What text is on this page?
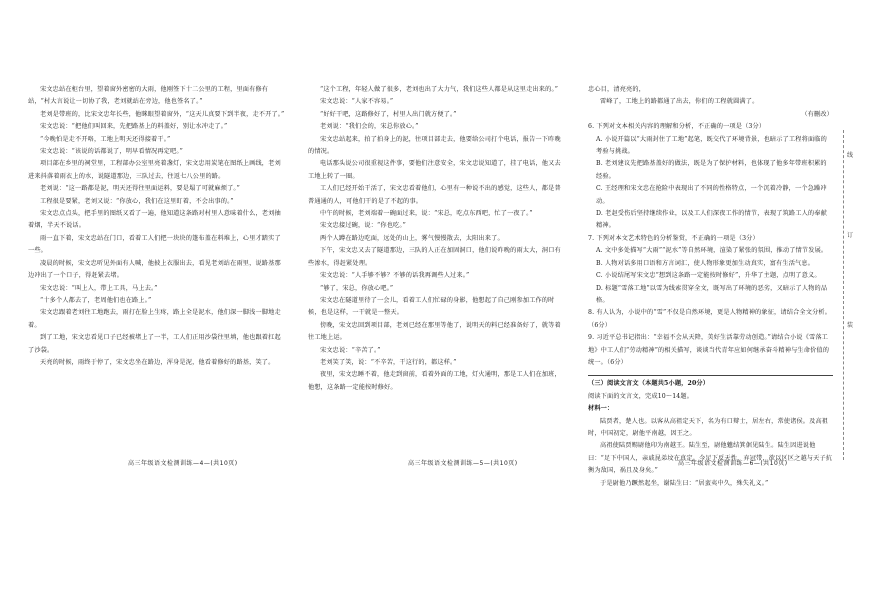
宋文忠站在柜台里，望着窗外密密的大雨，他刚签下十二公里的工程，里面有修有站，“村大言说让一切协了我，老刘就站在旁边，他也签名了。”

老刘是带班的，比宋文忠年长些，他眯眼望着窗外，“这天儿真要下到半夜，走不开了。”

宋文忠说：“把他们叫回来，先把路基上的料盖好，别让水冲走了。”

“今晚怕是走不开咯，工地上明天还得接着干。”

宋文忠说：“该说的话都说了，明早看情况再定吧。”

项目部在乡里的祠堂里，工程部办公室里亮着盏灯，宋文忠用炭笔在图纸上画线，老刘进来抖落着雨衣上的水，说隧道那边，三队过去，往返七八公里的路。

老刘说：“这一路都是泥，明天还得往里面运料，要是塌了可就麻烦了。”

工程很是要紧，老刘又说：“你放心，我们在这里盯着，不会出事的。”

宋文忠点点头，把手里的图纸又看了一遍，他知道这条路对村里人意味着什么，老刘抽着烟，半天不说话。

雨一直下着，宋文忠站在门口，看着工人们把一块块的篷布盖在料堆上，心里才踏实了一些。

凌晨的时候，宋文忠听见外面有人喊，他披上衣服出去，看见老刘站在雨里，说路基那边冲出了一个口子，得赶紧去堵。

宋文忠说：“叫上人，带上工具，马上去。”

“十多个人都去了，老周他们也在路上。”

宋文忠跟着老刘往工地跑去，雨打在脸上生疼，路上全是泥水，他们深一脚浅一脚地走着。

到了工地，宋文忠看见口子已经被堵上了一半，工人们正用沙袋往里填，他也跟着扛起了沙袋。

天亮的时候，雨终于停了，宋文忠坐在路边，浑身是泥，他看着修好的路基，笑了。

“这个工程，年轻人做了很多，老刘也出了大力气，我们这些人都是从这里走出来的。”

宋文忠说：“人家不容易。”

“好好干吧，这路修好了，村里人出门就方便了。”

老刘说：“我们会的，宋总你放心。”

宋文忠站起来，拍了拍身上的泥，往项目部走去，他要给公司打个电话，报告一下昨晚的情况。

电话那头说公司很重视这件事，要他们注意安全，宋文忠说知道了，挂了电话，他又去工地上转了一圈。

工人们已经开始干活了，宋文忠看着他们，心里有一种说不出的感觉，这些人，都是普普通通的人，可他们干的是了不起的事。

中午的时候，老刘端着一碗面过来，说：“宋总，吃点东西吧，忙了一夜了。”

宋文忠接过碗，说：“你也吃。”

两个人蹲在路边吃面，远处的山上，雾气慢慢散去，太阳出来了。

下午，宋文忠又去了隧道那边，三队的人正在加固洞口，他们说昨晚的雨太大，洞口有些渗水，得赶紧处理。

宋文忠说：“人手够不够？不够的话我再调些人过来。”

“够了，宋总，你放心吧。”

宋文忠在隧道里待了一会儿，看着工人们忙碌的身影，他想起了自己刚参加工作的时候，也是这样，一干就是一整天。

傍晚，宋文忠回到项目部，老刘已经在那里等他了，说明天的料已经准备好了，就等着往工地上运。

宋文忠说：“辛苦了。”

老刘笑了笑，说：“不辛苦，干这行的，都这样。”

夜里，宋文忠睡不着，他走到窗前，看着外面的工地，灯火通明，那是工人们在加班，他想，这条路一定能按时修好。

忠心目，清亮亮的，

雷峰了，工地上的路都通了出去，你们的工程就圆满了。

（有删改）

6. 下列对文本相关内容的理解和分析，不正确的一项是（3分）

A. 小说开篇以“大雨封住了工地”起笔，既交代了环境背景，也暗示了工程将面临的考验与挑战。

B. 老刘建议先把路基盖好的做法，既是为了保护材料，也体现了他多年带班积累的经验。

C. 王经理和宋文忠在抢险中表现出了不同的性格特点，一个沉着冷静，一个急躁冲动。

D. 老赵受伤后坚持继续作业，以及工人们深夜工作的情节，表现了筑路工人的奉献精神。

7. 下列对本文艺术特色的分析鉴赏，不正确的一项是（3分）

A. 文中多处描写“大雨”“泥水”等自然环境，渲染了紧张的氛围，推动了情节发展。

B. 人物对话多用口语和方言词汇，使人物形象更加生动真实，富有生活气息。

C. 小说结尾写宋文忠“想到这条路一定能按时修好”，升华了主题，点明了意义。

D. 标题“雪落工地”以雪为线索贯穿全文，既写出了环境的恶劣，又暗示了人物的品格。

8. 有人认为，小说中的“雪”不仅是自然环境，更是人物精神的象征，请结合全文分析。（6分）

9. 习近平总书记指出：“幸福不会从天降，美好生活靠劳动创造。”请结合小说《雪落工地》中工人们“劳动精神”的相关描写，谈谈当代青年应如何继承奋斗精神与生命价值的统一。（6分）

（三）阅读文言文（本题共5小题，20分）

阅读下面的文言文，完成10～14题。

材料一：

陆贾者，楚人也。以客从高祖定天下，名为有口辩士，居左右，常使诸侯。及高祖时，中国初定，尉他平南越，因王之。

高祖使陆贾赐尉他印为南越王。陆生至，尉他魋结箕倨见陆生。陆生因进说他曰：“足下中国人，亲戚昆弟坟在真定。今足下反天性，弃冠带，欲以区区之越与天子抗衡为敌国，祸且及身矣。”

于是尉他乃蹶然起坐，谢陆生曰：“居蛮夷中久，殊失礼义。”

高三年级语文检测训练—4—(共10页)	高三年级语文检测训练—5—(共10页)	高三年级语文检测训练—6—(共10页)
线
订
装
